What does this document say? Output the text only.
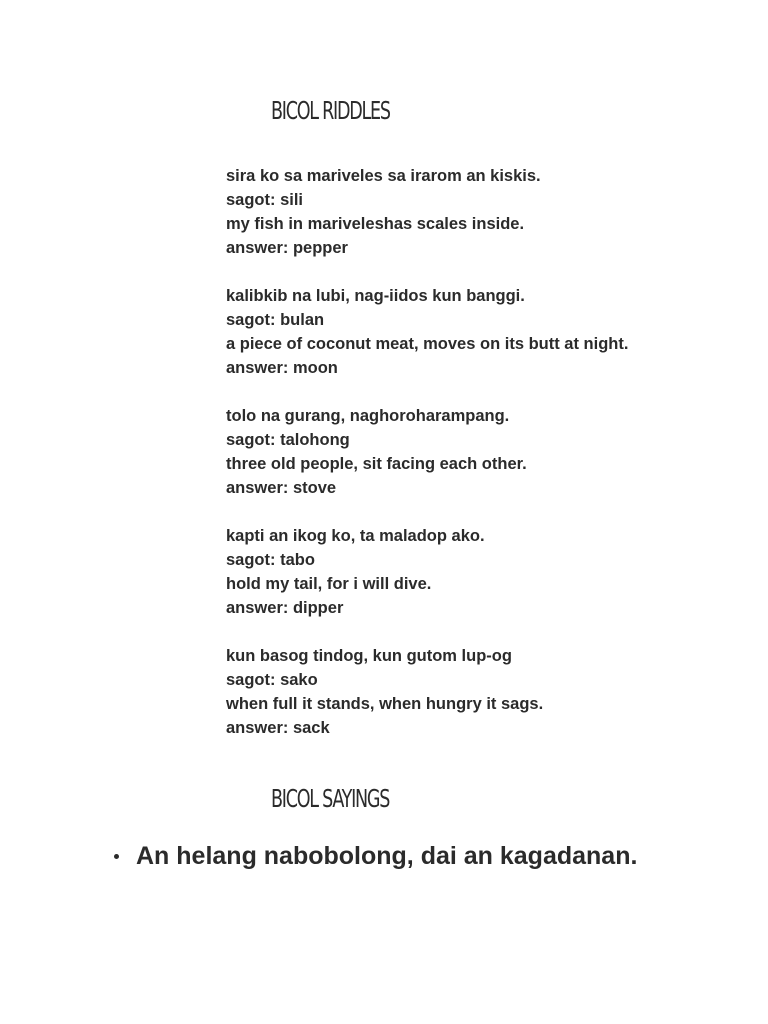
BICOL RIDDLES
sira ko sa mariveles sa irarom an kiskis.
sagot: sili
my fish in mariveleshas scales inside.
answer: pepper
kalibkib na lubi, nag-iidos kun banggi.
sagot: bulan
a piece of coconut meat, moves on its butt at night.
answer: moon
tolo na gurang, naghoroharampang.
sagot: talohong
three old people, sit facing each other.
answer: stove
kapti an ikog ko, ta maladop ako.
sagot: tabo
hold my tail, for i will dive.
answer: dipper
kun basog tindog, kun gutom lup-og
sagot: sako
when full it stands, when hungry it sags.
answer: sack
BICOL SAYINGS
An helang nabobolong, dai an kagadanan.
